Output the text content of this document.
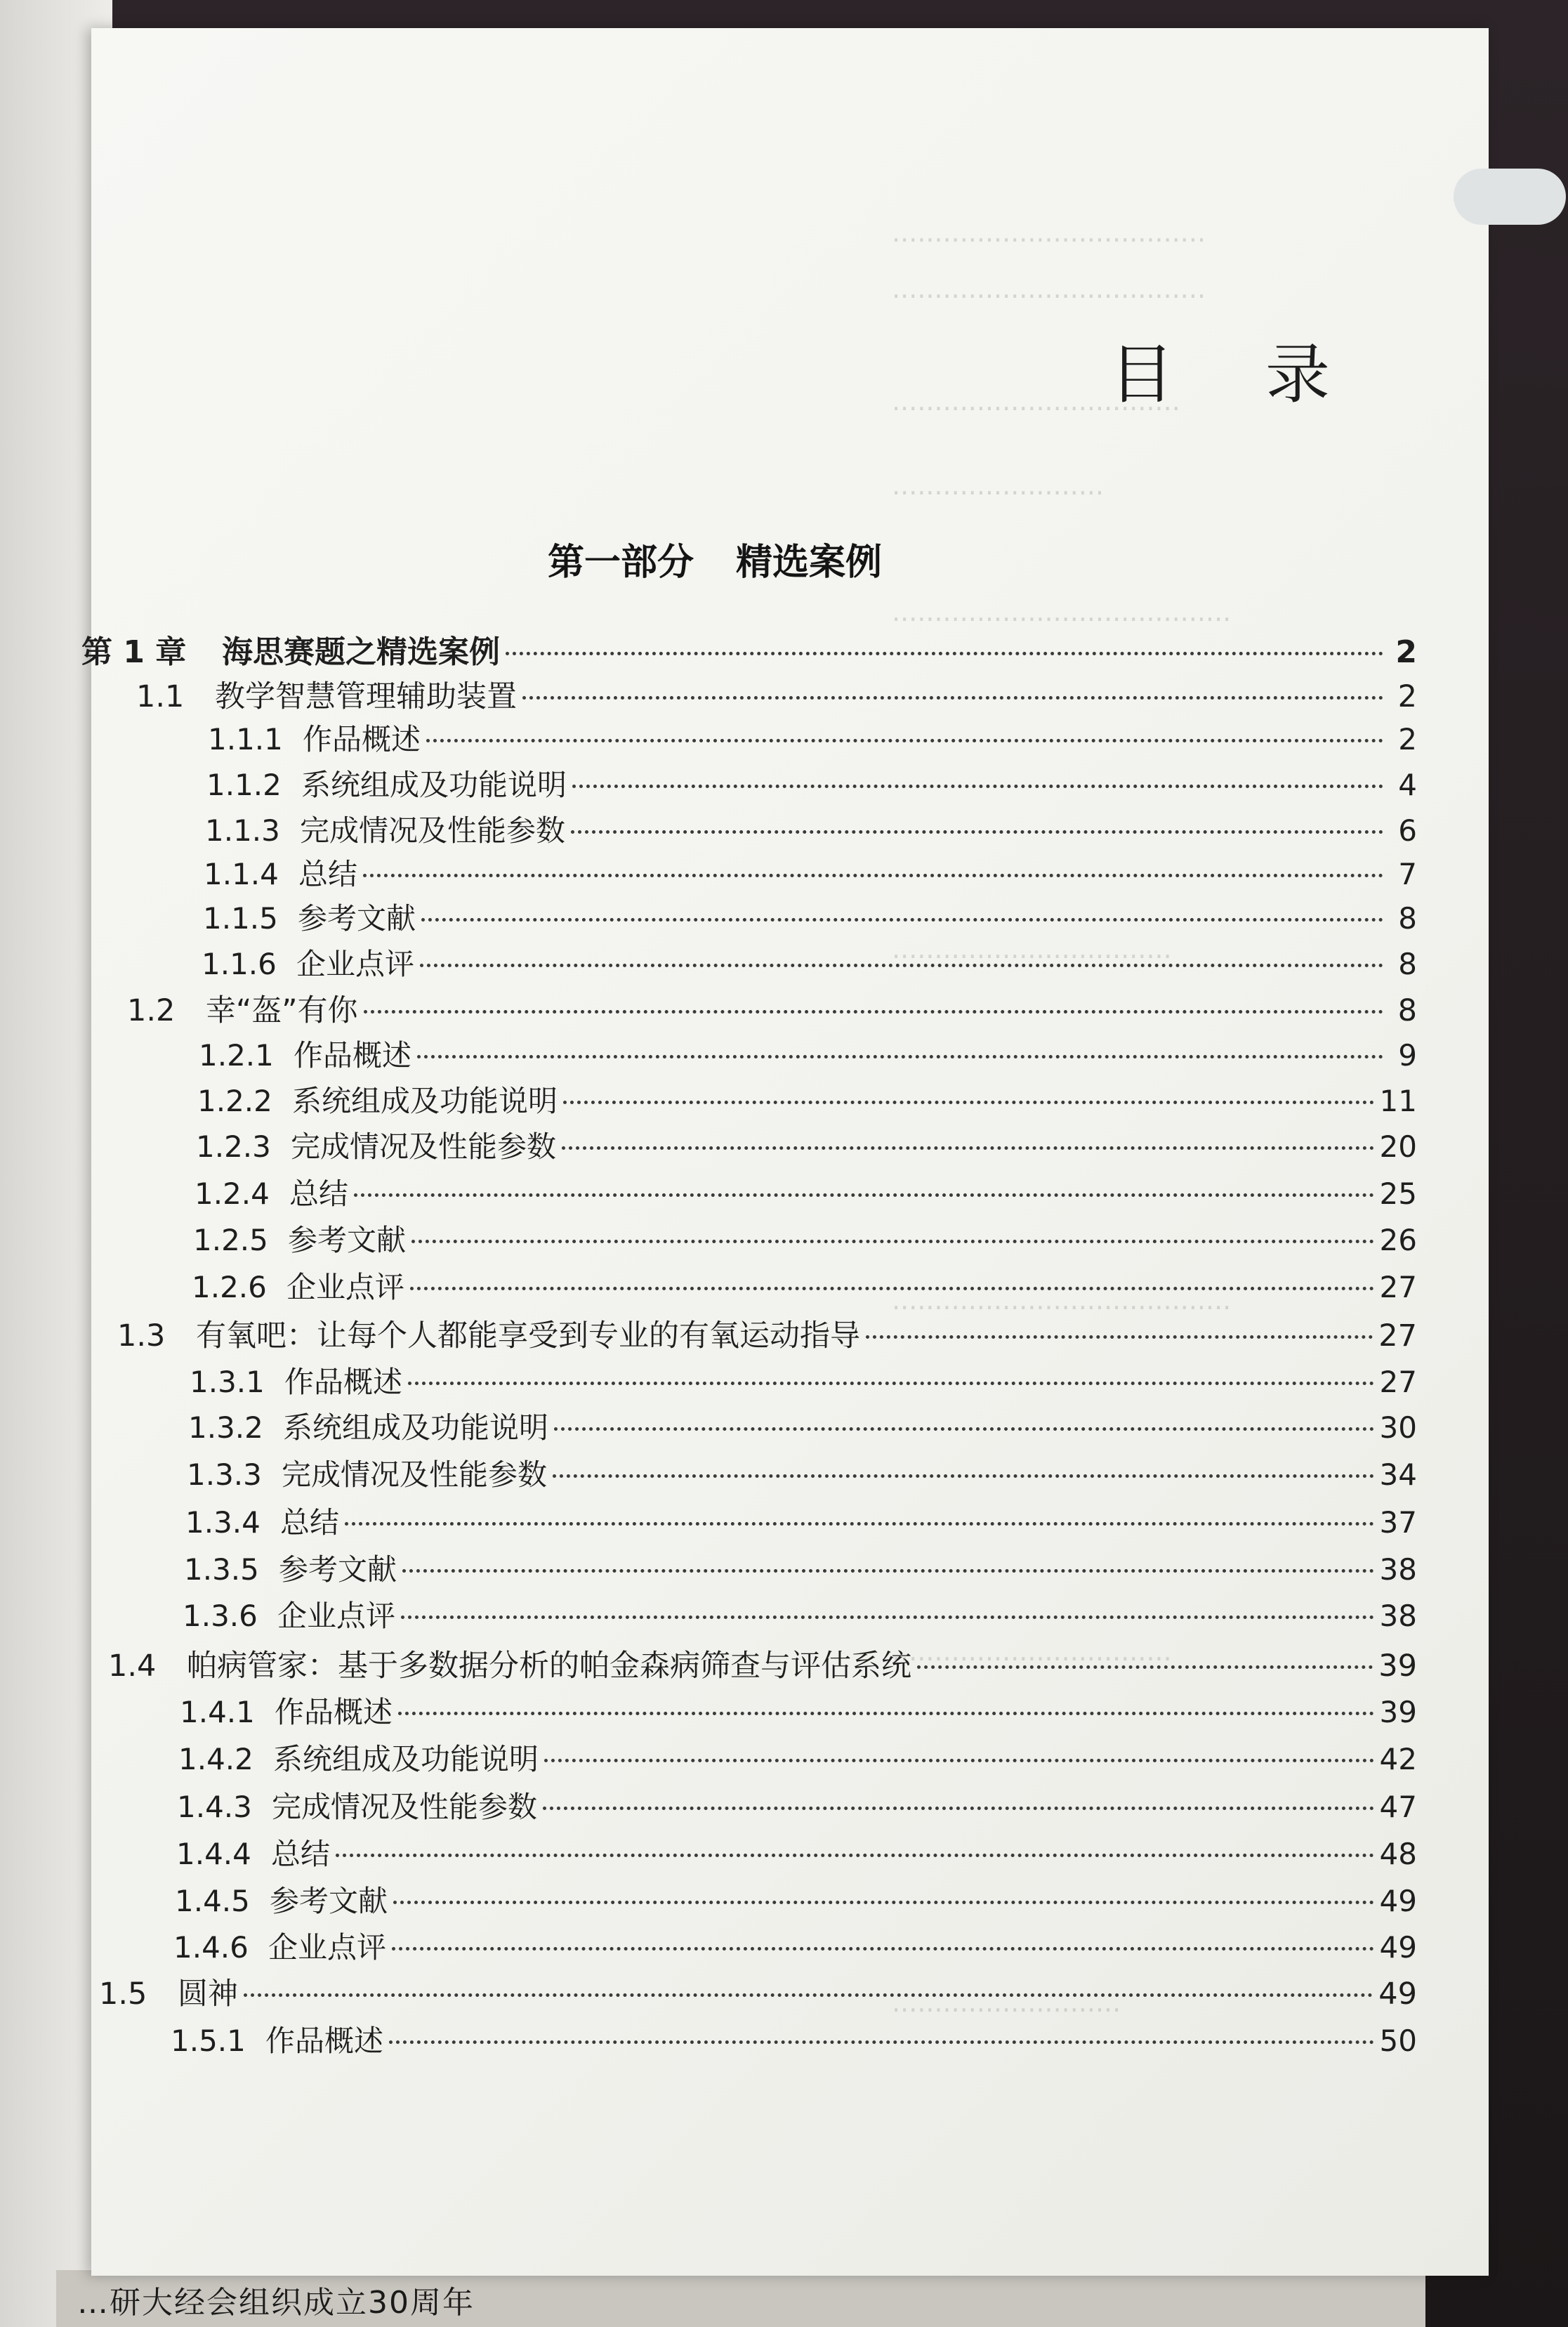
…研大经会组织成立30周年
·····································
·····································
··································
·························
········································
·································
········································
·································
···························
目录
第一部分 精选案例
第 1 章	海思赛题之精选案例	2
1.1	教学智慧管理辅助装置	2
1.1.1 作品概述	2
1.1.2 系统组成及功能说明	4
1.1.3 完成情况及性能参数	6
1.1.4 总结	7
1.1.5 参考文献	8
1.1.6 企业点评	8
1.2	幸“盔”有你	8
1.2.1 作品概述	9
1.2.2 系统组成及功能说明	11
1.2.3 完成情况及性能参数	20
1.2.4 总结	25
1.2.5 参考文献	26
1.2.6 企业点评	27
1.3	有氧吧：让每个人都能享受到专业的有氧运动指导	27
1.3.1 作品概述	27
1.3.2 系统组成及功能说明	30
1.3.3 完成情况及性能参数	34
1.3.4 总结	37
1.3.5 参考文献	38
1.3.6 企业点评	38
1.4	帕病管家：基于多数据分析的帕金森病筛查与评估系统	39
1.4.1 作品概述	39
1.4.2 系统组成及功能说明	42
1.4.3 完成情况及性能参数	47
1.4.4 总结	48
1.4.5 参考文献	49
1.4.6 企业点评	49
1.5	圆神	49
1.5.1 作品概述	50
